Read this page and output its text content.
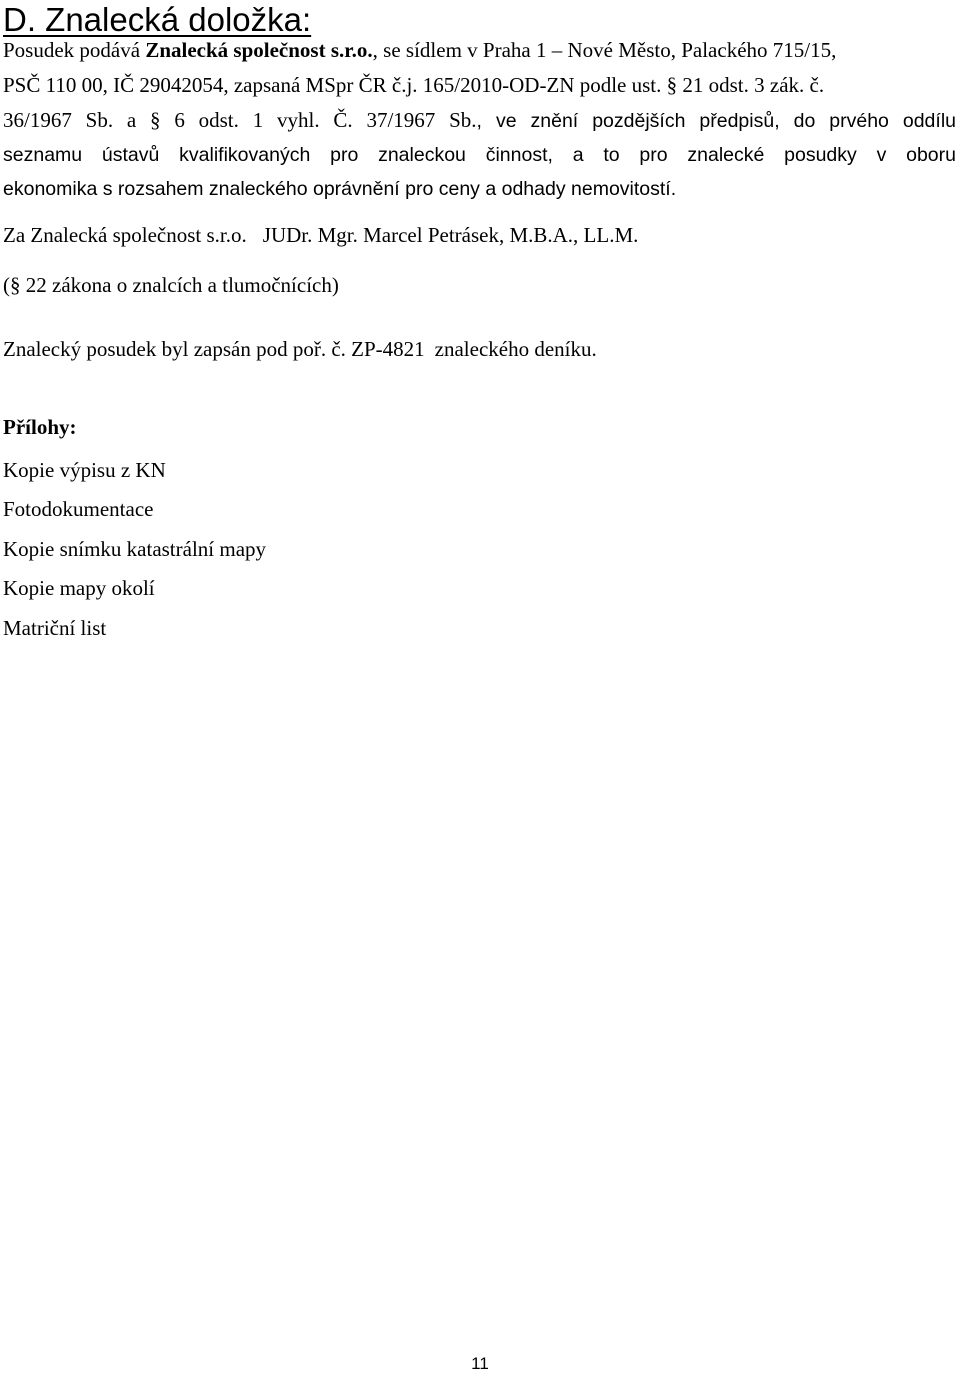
D. Znalecká doložka:
Posudek podává Znalecká společnost s.r.o., se sídlem v Praha 1 – Nové Město, Palackého 715/15,
PSČ 110 00, IČ 29042054, zapsaná MSpr ČR č.j. 165/2010-OD-ZN podle ust. § 21 odst. 3 zák. č.
36/1967 Sb. a § 6 odst. 1 vyhl. Č. 37/1967 Sb., ve znění pozdějších předpisů, do prvého oddílu
seznamu ústavů kvalifikovaných pro znaleckou činnost, a to pro znalecké posudky v oboru
ekonomika s rozsahem znaleckého oprávnění pro ceny a odhady nemovitostí.
Za Znalecká společnost s.r.o. JUDr. Mgr. Marcel Petrásek, M.B.A., LL.M.
(§ 22 zákona o znalcích a tlumočnících)
Znalecký posudek byl zapsán pod poř. č. ZP-4821 znaleckého deníku.
Přílohy:
Kopie výpisu z KN
Fotodokumentace
Kopie snímku katastrální mapy
Kopie mapy okolí
Matriční list
11
